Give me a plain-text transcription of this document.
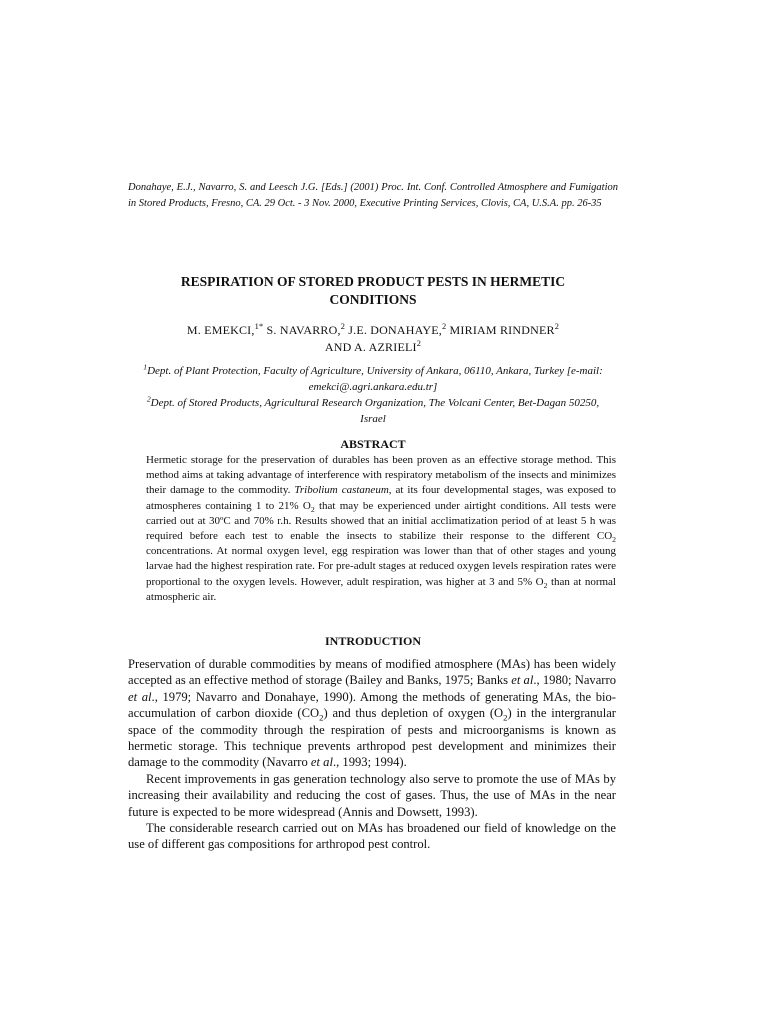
Donahaye, E.J., Navarro, S. and Leesch J.G. [Eds.] (2001) Proc. Int. Conf. Controlled Atmosphere and Fumigation in Stored Products, Fresno, CA. 29 Oct. - 3 Nov. 2000, Executive Printing Services, Clovis, CA, U.S.A. pp. 26-35
RESPIRATION OF STORED PRODUCT PESTS IN HERMETIC
CONDITIONS
M. EMEKCI,$^{1*}$ S. NAVARRO,$^2$ J.E. DONAHAYE,$^2$ MIRIAM RINDNER$^2$
AND A. AZRIELI$^2$
$^1$Dept. of Plant Protection, Faculty of Agriculture, University of Ankara, 06110, Ankara, Turkey [e-mail: emekci@.agri.ankara.edu.tr]
$^2$Dept. of Stored Products, Agricultural Research Organization, The Volcani Center, Bet-Dagan 50250, Israel
ABSTRACT
Hermetic storage for the preservation of durables has been proven as an effective storage method. This method aims at taking advantage of interference with respiratory metabolism of the insects and minimizes their damage to the commodity. Tribolium castaneum, at its four developmental stages, was exposed to atmospheres containing 1 to 21% $O_2$ that may be experienced under airtight conditions. All tests were carried out at 30ºC and 70% r.h. Results showed that an initial acclimatization period of at least 5 h was required before each test to enable the insects to stabilize their response to the different $CO_2$ concentrations. At normal oxygen level, egg respiration was lower than that of other stages and young larvae had the highest respiration rate. For pre-adult stages at reduced oxygen levels respiration rates were proportional to the oxygen levels. However, adult respiration, was higher at 3 and 5% $O_2$ than at normal atmospheric air.
INTRODUCTION

Preservation of durable commodities by means of modified atmosphere (MAs) has been widely accepted as an effective method of storage (Bailey and Banks, 1975; Banks et al., 1980; Navarro et al., 1979; Navarro and Donahaye, 1990). Among the methods of generating MAs, the bio-accumulation of carbon dioxide $(CO_2)$ and thus depletion of oxygen $(O_2)$ in the intergranular space of the commodity through the respiration of pests and microorganisms is known as hermetic storage. This technique prevents arthropod pest development and minimizes their damage to the commodity (Navarro et al., 1993; 1994).

Recent improvements in gas generation technology also serve to promote the use of MAs by increasing their availability and reducing the cost of gases. Thus, the use of MAs in the near future is expected to be more widespread (Annis and Dowsett, 1993).

The considerable research carried out on MAs has broadened our field of knowledge on the use of different gas compositions for arthropod pest control.
